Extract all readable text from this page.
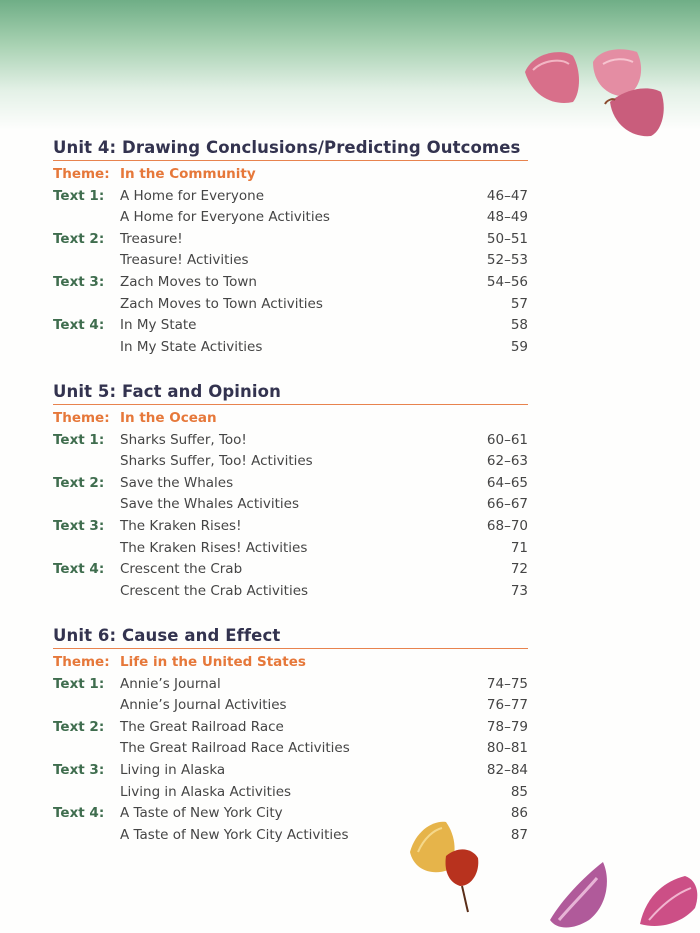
Unit 4: Drawing Conclusions/Predicting Outcomes
Theme: In the Community
Text 1: A Home for Everyone	46–47
A Home for Everyone Activities	48–49
Text 2: Treasure!	50–51
Treasure! Activities	52–53
Text 3: Zach Moves to Town	54–56
Zach Moves to Town Activities	57
Text 4: In My State	58
In My State Activities	59
Unit 5: Fact and Opinion
Theme: In the Ocean
Text 1: Sharks Suffer, Too!	60–61
Sharks Suffer, Too! Activities	62–63
Text 2: Save the Whales	64–65
Save the Whales Activities	66–67
Text 3: The Kraken Rises!	68–70
The Kraken Rises! Activities	71
Text 4: Crescent the Crab	72
Crescent the Crab Activities	73
Unit 6: Cause and Effect
Theme: Life in the United States
Text 1: Annie’s Journal	74–75
Annie’s Journal Activities	76–77
Text 2: The Great Railroad Race	78–79
The Great Railroad Race Activities	80–81
Text 3: Living in Alaska	82–84
Living in Alaska Activities	85
Text 4: A Taste of New York City	86
A Taste of New York City Activities	87
